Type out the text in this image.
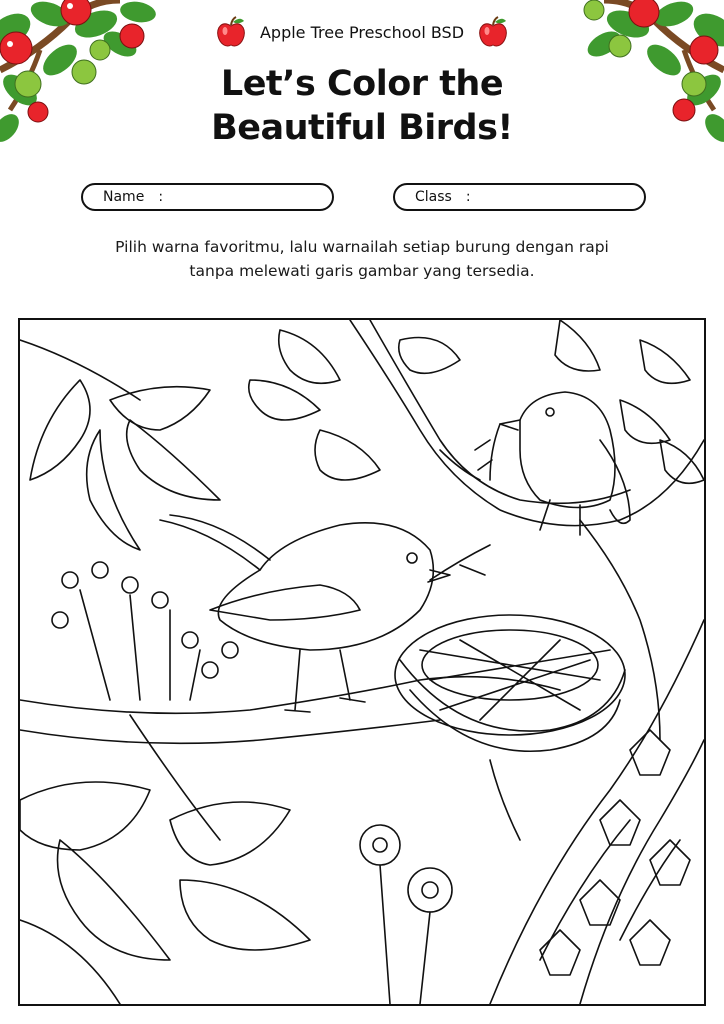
Apple Tree Preschool BSD
Let’s Color the
Beautiful Birds!
Name :	Class :
Pilih warna favoritmu, lalu warnailah setiap burung dengan rapi
tanpa melewati garis gambar yang tersedia.
